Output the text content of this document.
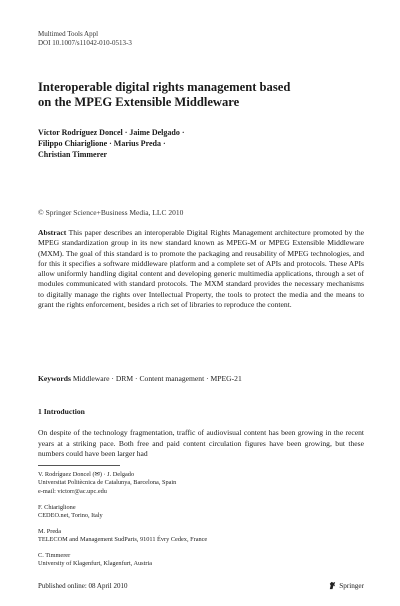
Multimed Tools Appl
DOI 10.1007/s11042-010-0513-3
Interoperable digital rights management based
on the MPEG Extensible Middleware
Víctor Rodríguez Doncel · Jaime Delgado ·
Filippo Chiariglione · Marius Preda ·
Christian Timmerer
© Springer Science+Business Media, LLC 2010
Abstract This paper describes an interoperable Digital Rights Management architecture promoted by the MPEG standardization group in its new standard known as MPEG-M or MPEG Extensible Middleware (MXM). The goal of this standard is to promote the packaging and reusability of MPEG technologies, and for this it specifies a software middleware platform and a complete set of APIs and protocols. These APIs allow uniformly handling digital content and developing generic multimedia applications, through a set of modules communicated with standard protocols. The MXM standard provides the necessary mechanisms to digitally manage the rights over Intellectual Property, the tools to protect the media and the means to grant the rights enforcement, besides a rich set of libraries to reproduce the content.
Keywords Middleware · DRM · Content management · MPEG-21
1 Introduction
On despite of the technology fragmentation, traffic of audiovisual content has been growing in the recent years at a striking pace. Both free and paid content circulation figures have been growing, but these numbers could have been larger had
V. Rodríguez Doncel (✉) · J. Delgado
Universitat Politècnica de Catalunya, Barcelona, Spain
e-mail: victorr@ac.upc.edu
F. Chiariglione
CEDEO.net, Torino, Italy
M. Preda
TELECOM and Management SudParis, 91011 Évry Cedex, France
C. Timmerer
University of Klagenfurt, Klagenfurt, Austria
Published online: 08 April 2010	Springer
